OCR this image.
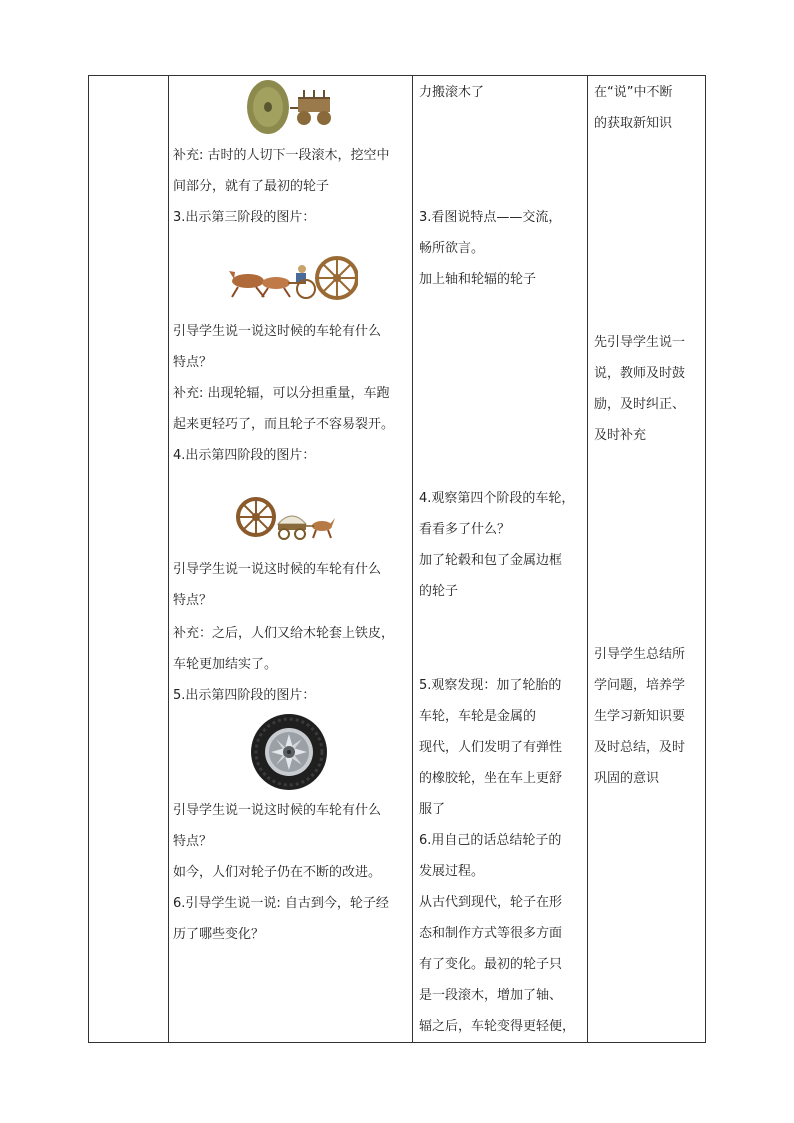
补充: 古时的人切下一段滚木，挖空中
间部分，就有了最初的轮子
3.出示第三阶段的图片：
引导学生说一说这时候的车轮有什么
特点？
补充: 出现轮辐，可以分担重量，车跑
起来更轻巧了，而且轮子不容易裂开。
4.出示第四阶段的图片：
引导学生说一说这时候的车轮有什么
特点？
补充：之后，人们又给木轮套上铁皮，
车轮更加结实了。
5.出示第四阶段的图片：
引导学生说一说这时候的车轮有什么
特点？
如今，人们对轮子仍在不断的改进。
6.引导学生说一说: 自古到今，轮子经
历了哪些变化？
力搬滚木了
3.看图说特点——交流，
畅所欲言。
加上轴和轮辐的轮子
4.观察第四个阶段的车轮，
看看多了什么？
加了轮毂和包了金属边框
的轮子
5.观察发现：加了轮胎的
车轮，车轮是金属的
现代，人们发明了有弹性
的橡胶轮，坐在车上更舒
服了
6.用自己的话总结轮子的
发展过程。
从古代到现代，轮子在形
态和制作方式等很多方面
有了变化。最初的轮子只
是一段滚木，增加了轴、
辐之后，车轮变得更轻便，
在“说”中不断
的获取新知识
先引导学生说一
说，教师及时鼓
励，及时纠正、
及时补充
引导学生总结所
学问题，培养学
生学习新知识要
及时总结，及时
巩固的意识
